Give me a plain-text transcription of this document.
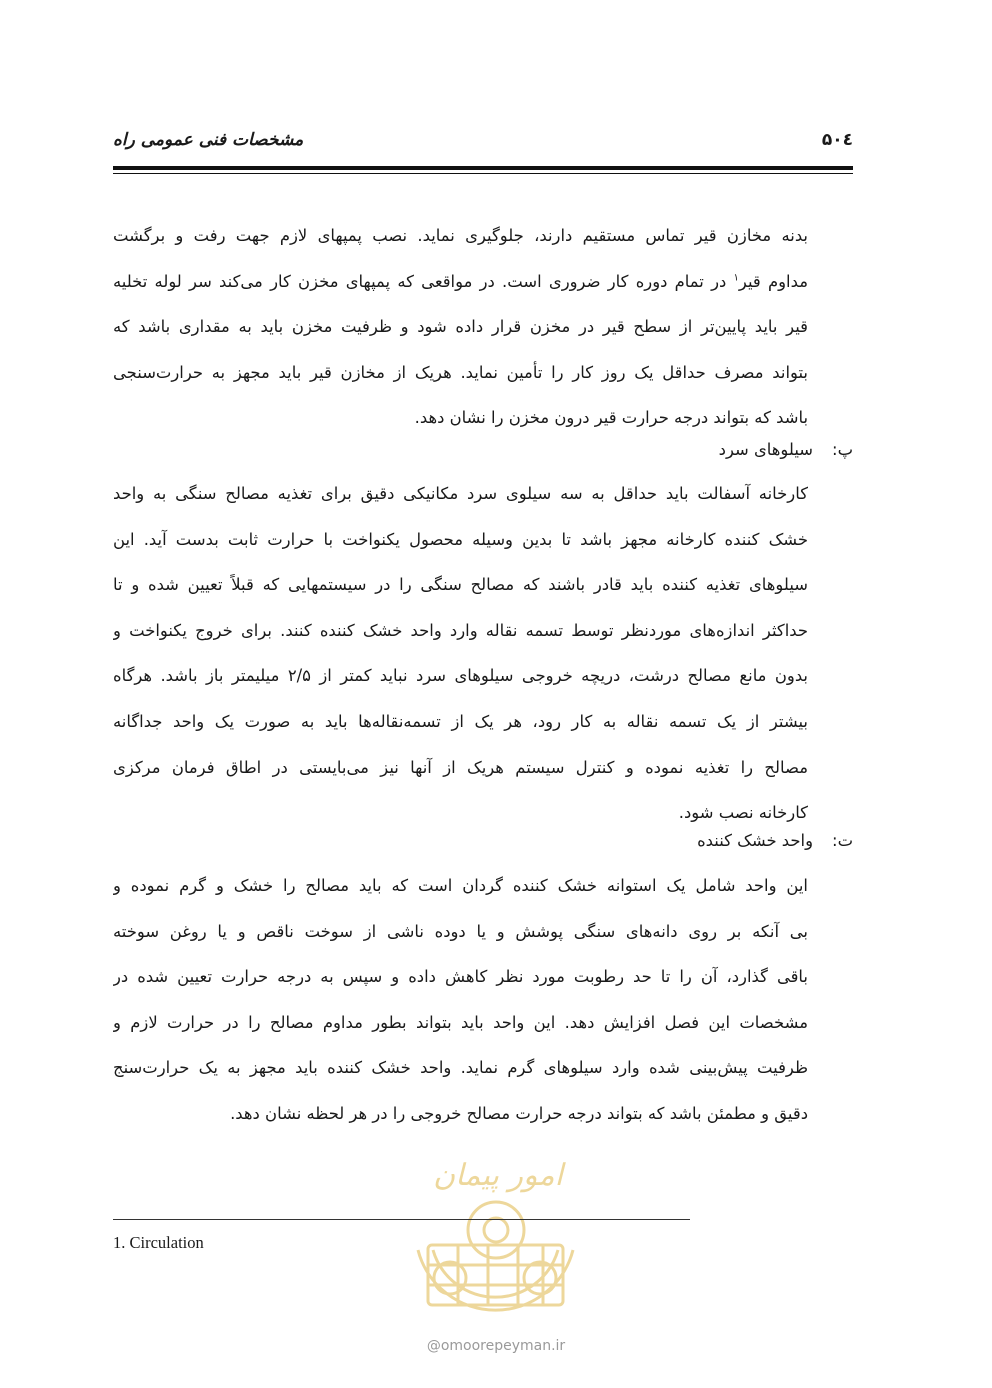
مشخصات فنی عمومی راه	۵۰٤
بدنه مخازن قیر تماس مستقیم دارند، جلوگیری نماید. نصب پمپهای لازم جهت رفت و برگشت
مداوم قیر$^۱$ در تمام دوره کار ضروری است. در مواقعی که پمپهای مخزن کار می‌کند سر لوله تخلیه
قیر باید پایین‌تر از سطح قیر در مخزن قرار داده شود و ظرفیت مخزن باید به مقداری باشد که
بتواند مصرف حداقل یک روز کار را تأمین نماید. هریک از مخازن قیر باید مجهز به حرارت‌سنجی
باشد که بتواند درجه حرارت قیر درون مخزن را نشان دهد.
پ:سیلوهای سرد
کارخانه آسفالت باید حداقل به سه سیلوی سرد مکانیکی دقیق برای تغذیه مصالح سنگی به واحد
خشک کننده کارخانه مجهز باشد تا بدین وسیله محصول یکنواخت با حرارت ثابت بدست آید. این
سیلوهای تغذیه کننده باید قادر باشند که مصالح سنگی را در سیستمهایی که قبلاً تعیین شده و تا
حداکثر اندازه‌های موردنظر توسط تسمه نقاله وارد واحد خشک کننده کنند. برای خروج یکنواخت و
بدون مانع مصالح درشت، دریچه خروجی سیلوهای سرد نباید کمتر از ۲/۵ میلیمتر باز باشد. هرگاه
بیشتر از یک تسمه نقاله به کار رود، هر یک از تسمه‌نقاله‌ها باید به صورت یک واحد جداگانه
مصالح را تغذیه نموده و کنترل سیستم هریک از آنها نیز می‌بایستی در اطاق فرمان مرکزی
کارخانه نصب شود.
ت:واحد خشک کننده
این واحد شامل یک استوانه خشک کننده گردان است که باید مصالح را خشک و گرم نموده و
بی آنکه بر روی دانه‌های سنگی پوشش و یا دوده ناشی از سوخت ناقص و یا روغن سوخته
باقی گذارد، آن را تا حد رطوبت مورد نظر کاهش داده و سپس به درجه حرارت تعیین شده در
مشخصات این فصل افزایش دهد. این واحد باید بتواند بطور مداوم مصالح را در حرارت لازم و
ظرفیت پیش‌بینی شده وارد سیلوهای گرم نماید. واحد خشک کننده باید مجهز به یک حرارت‌سنج
دقیق و مطمئن باشد که بتواند درجه حرارت مصالح خروجی را در هر لحظه نشان دهد.
امور پیمان
1. Circulation
@omoorepeyman.ir
